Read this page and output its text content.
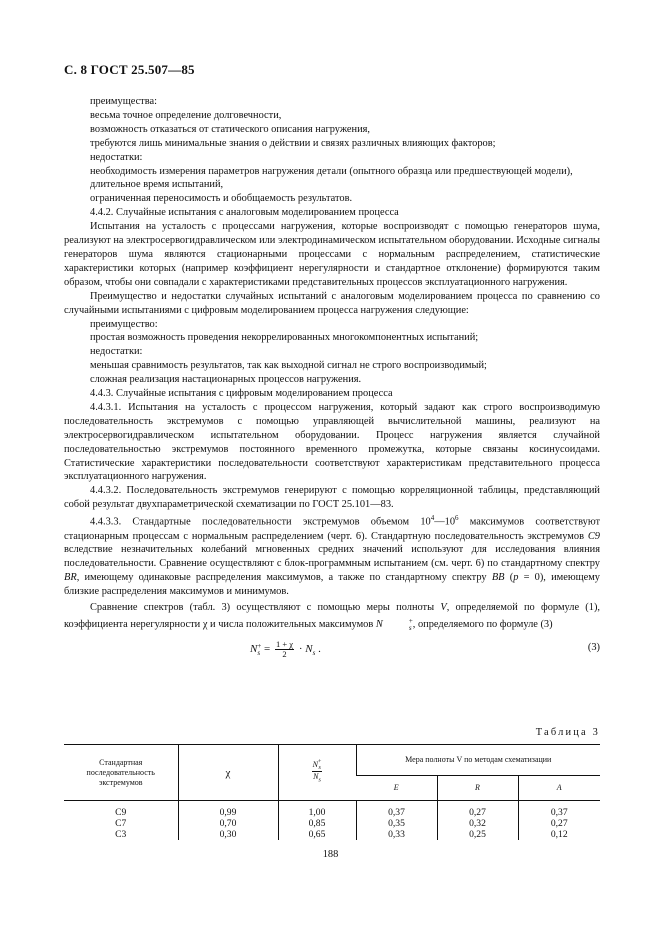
С. 8 ГОСТ 25.507—85

преимущества:

весьма точное определение долговечности,

возможность отказаться от статического описания нагружения,

требуются лишь минимальные знания о действии и связях различных влияющих факторов;

недостатки:

необходимость измерения параметров нагружения детали (опытного образца или предшествующей модели),

длительное время испытаний,

ограниченная переносимость и обобщаемость результатов.

4.4.2. Случайные испытания с аналоговым моделированием процесса

Испытания на усталость с процессами нагружения, которые воспроизводят с помощью генераторов шума, реализуют на электросервогидравлическом или электродинамическом испытательном оборудовании. Исходные сигналы генераторов шума являются стационарными процессами с нормальным распределением, статистические характеристики которых (например коэффициент нерегулярности и стандартное отклонение) формируются таким образом, чтобы они совпадали с характеристиками представительных процессов эксплуатационного нагружения.

Преимущество и недостатки случайных испытаний с аналоговым моделированием процесса по сравнению со случайными испытаниями с цифровым моделированием процесса нагружения следующие:

преимущество:

простая возможность проведения некоррелированных многокомпонентных испытаний;

недостатки:

меньшая сравнимость результатов, так как выходной сигнал не строго воспроизводимый;

сложная реализация настационарных процессов нагружения.

4.4.3. Случайные испытания с цифровым моделированием процесса

4.4.3.1. Испытания на усталость с процессом нагружения, который задают как строго воспроизводимую последовательность экстремумов с помощью управляющей вычислительной машины, реализуют на электросервогидравлическом испытательном оборудовании. Процесс нагружения является случайной последовательностью экстремумов постоянного временного промежутка, которые связаны косинусоидами. Статистические характеристики последовательности соответствуют характеристикам представительного процесса эксплуатационного нагружения.

4.4.3.2. Последовательность экстремумов генерируют с помощью корреляционной таблицы, представляющий собой результат двухпараметрической схематизации по ГОСТ 25.101—83.

4.4.3.3. Стандартные последовательности экстремумов объемом $10^4—10^6$ максимумов соответствуют стационарным процессам с нормальным распределением (черт. 6). Стандартную последовательность экстремумов С9 вследствие незначительных колебаний мгновенных средних значений используют для исследования влияния последовательности. Сравнение осуществляют с блок-программным испытанием (см. черт. 6) по стандартному спектру BR, имеющему одинаковые распределения максимумов, а также по стандартному спектру BB (p = 0), имеющему близкие распределения максимумов и минимумов.

Сравнение спектров (табл. 3) осуществляют с помощью меры полноты V, определяемой по формуле (1), коэффициента нерегулярности χ и числа положительных максимумов N	+
s , определяемого по формуле (3)

N +
$s = \frac{1 + \chi}{2} \cdot N_s$ .	(3)
Таблица 3
Стандартная последовательность экстремумов	χ	N +
s
$N_s$	Мера полноты V по методам схематизации		
			E	R	A

С9	0,99	1,00	0,37	0,27	0,37
С7	0,70	0,85	0,35	0,32	0,27
С3	0,30	0,65	0,33	0,25	0,12
188
